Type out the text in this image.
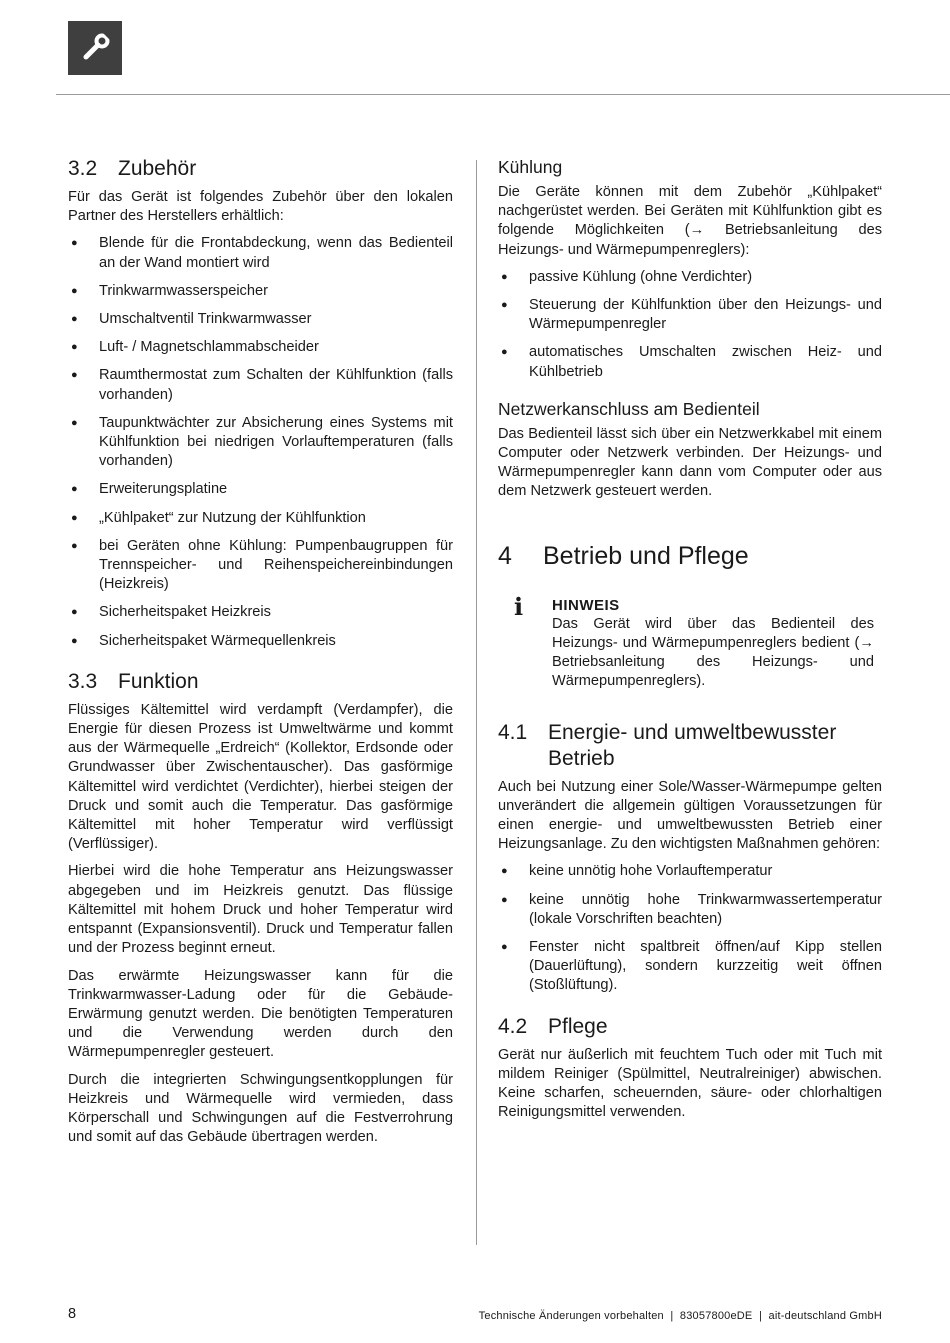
3.2 Zubehör

Für das Gerät ist folgendes Zubehör über den lokalen Partner des Herstellers erhältlich:

● Blende für die Frontabdeckung, wenn das Bedienteil an der Wand montiert wird
● Trinkwarmwasserspeicher
● Umschaltventil Trinkwarmwasser
● Luft- / Magnetschlammabscheider
● Raumthermostat zum Schalten der Kühlfunktion (falls vorhanden)
● Taupunktwächter zur Absicherung eines Systems mit Kühlfunktion bei niedrigen Vorlauftemperaturen (falls vorhanden)
● Erweiterungsplatine
● „Kühlpaket“ zur Nutzung der Kühlfunktion
● bei Geräten ohne Kühlung: Pumpenbaugruppen für Trennspeicher- und Reihenspeichereinbindungen (Heizkreis)
● Sicherheitspaket Heizkreis
● Sicherheitspaket Wärmequellenkreis
3.3 Funktion

Flüssiges Kältemittel wird verdampft (Verdampfer), die Energie für diesen Prozess ist Umweltwärme und kommt aus der Wärmequelle „Erdreich“ (Kollektor, Erdsonde oder Grundwasser über Zwischentauscher). Das gasförmige Kältemittel wird verdichtet (Verdichter), hierbei steigen der Druck und somit auch die Temperatur. Das gasförmige Kältemittel mit hoher Temperatur wird verflüssigt (Verflüssiger).

Hierbei wird die hohe Temperatur ans Heizungswasser abgegeben und im Heizkreis genutzt. Das flüssige Kältemittel mit hohem Druck und hoher Temperatur wird entspannt (Expansionsventil). Druck und Temperatur fallen und der Prozess beginnt erneut.

Das erwärmte Heizungswasser kann für die Trinkwarmwasser-Ladung oder für die Gebäude-Erwärmung genutzt werden. Die benötigten Temperaturen und die Verwendung werden durch den Wärmepumpenregler gesteuert.

Durch die integrierten Schwingungsentkopplungen für Heizkreis und Wärmequelle wird vermieden, dass Körperschall und Schwingungen auf die Festverrohrung und somit auf das Gebäude übertragen werden.

Kühlung

Die Geräte können mit dem Zubehör „Kühlpaket“ nachgerüstet werden. Bei Geräten mit Kühlfunktion gibt es folgende Möglichkeiten (→ Betriebsanleitung des Heizungs- und Wärmepumpenreglers):

● passive Kühlung (ohne Verdichter)
● Steuerung der Kühlfunktion über den Heizungs- und Wärmepumpenregler
● automatisches Umschalten zwischen Heiz- und Kühlbetrieb
Netzwerkanschluss am Bedienteil

Das Bedienteil lässt sich über ein Netzwerkkabel mit einem Computer oder Netzwerk verbinden. Der Heizungs- und Wärmepumpenregler kann dann vom Computer oder aus dem Netzwerk gesteuert werden.

4	Betrieb und Pflege
ℹ	HINWEIS

Das Gerät wird über das Bedienteil des Heizungs- und Wärmepumpenreglers bedient (→ Betriebsanleitung des Heizungs- und Wärmepumpenreglers).

4.1 Energie- und umweltbewusster Betrieb

Auch bei Nutzung einer Sole/Wasser-Wärmepumpe gelten unverändert die allgemein gültigen Voraussetzungen für einen energie- und umweltbewussten Betrieb einer Heizungsanlage. Zu den wichtigsten Maßnahmen gehören:

● keine unnötig hohe Vorlauftemperatur
● keine unnötig hohe Trinkwarmwassertemperatur (lokale Vorschriften beachten)
● Fenster nicht spaltbreit öffnen/auf Kipp stellen (Dauerlüftung), sondern kurzzeitig weit öffnen (Stoßlüftung).
4.2 Pflege

Gerät nur äußerlich mit feuchtem Tuch oder mit Tuch mit mildem Reiniger (Spülmittel, Neutralreiniger) abwischen. Keine scharfen, scheuernden, säure- oder chlorhaltigen Reinigungsmittel verwenden.

8	Technische Änderungen vorbehalten  |  83057800eDE  |  ait-deutschland GmbH
